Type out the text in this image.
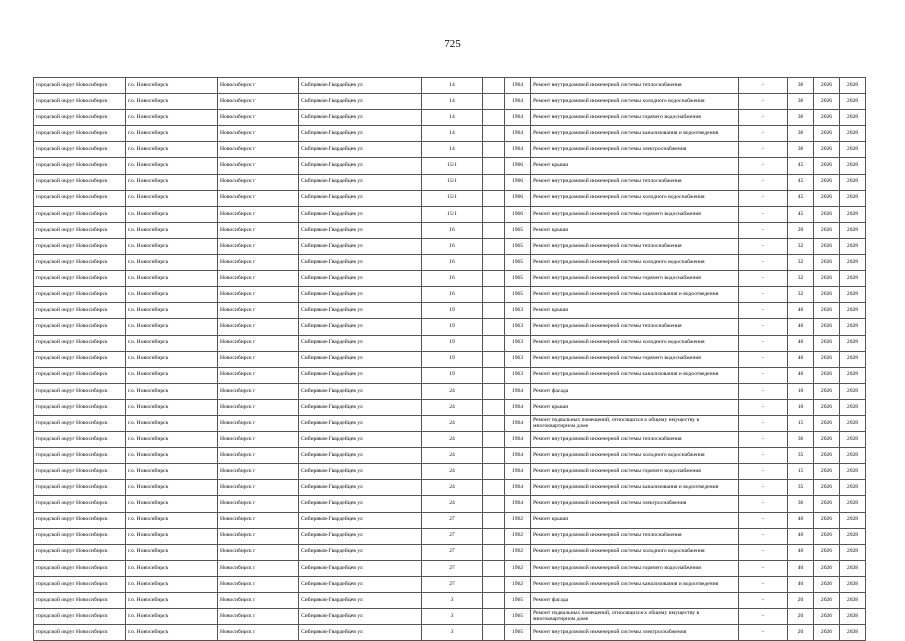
725
городской округ Новосибирск	г.о. Новосибирск	Новосибирск г	Сибиряков-Гвардейцев ул	14		1964	Ремонт внутридомовой инженерной системы теплоснабжения	-	36	2026	2028
городской округ Новосибирск	г.о. Новосибирск	Новосибирск г	Сибиряков-Гвардейцев ул	14		1964	Ремонт внутридомовой инженерной системы холодного водоснабжения	-	36	2026	2028
городской округ Новосибирск	г.о. Новосибирск	Новосибирск г	Сибиряков-Гвардейцев ул	14		1964	Ремонт внутридомовой инженерной системы горячего водоснабжения	-	36	2026	2028
городской округ Новосибирск	г.о. Новосибирск	Новосибирск г	Сибиряков-Гвардейцев ул	14		1964	Ремонт внутридомовой инженерной системы канализования и водоотведения	-	36	2026	2028
городской округ Новосибирск	г.о. Новосибирск	Новосибирск г	Сибиряков-Гвардейцев ул	14		1964	Ремонт внутридомовой инженерной системы электроснабжения	-	36	2026	2028
городской округ Новосибирск	г.о. Новосибирск	Новосибирск г	Сибиряков-Гвардейцев ул	15/1		1966	Ремонт крыши	-	45	2026	2028
городской округ Новосибирск	г.о. Новосибирск	Новосибирск г	Сибиряков-Гвардейцев ул	15/1		1966	Ремонт внутридомовой инженерной системы теплоснабжения	-	45	2026	2028
городской округ Новосибирск	г.о. Новосибирск	Новосибирск г	Сибиряков-Гвардейцев ул	15/1		1966	Ремонт внутридомовой инженерной системы холодного водоснабжения	-	45	2026	2028
городской округ Новосибирск	г.о. Новосибирск	Новосибирск г	Сибиряков-Гвардейцев ул	15/1		1966	Ремонт внутридомовой инженерной системы горячего водоснабжения	-	45	2026	2028
городской округ Новосибирск	г.о. Новосибирск	Новосибирск г	Сибиряков-Гвардейцев ул	16		1965	Ремонт крыши	-	20	2026	2028
городской округ Новосибирск	г.о. Новосибирск	Новосибирск г	Сибиряков-Гвардейцев ул	16		1965	Ремонт внутридомовой инженерной системы теплоснабжения	-	32	2026	2028
городской округ Новосибирск	г.о. Новосибирск	Новосибирск г	Сибиряков-Гвардейцев ул	16		1965	Ремонт внутридомовой инженерной системы холодного водоснабжения	-	32	2026	2028
городской округ Новосибирск	г.о. Новосибирск	Новосибирск г	Сибиряков-Гвардейцев ул	16		1965	Ремонт внутридомовой инженерной системы горячего водоснабжения	-	32	2026	2028
городской округ Новосибирск	г.о. Новосибирск	Новосибирск г	Сибиряков-Гвардейцев ул	16		1965	Ремонт внутридомовой инженерной системы канализования и водоотведения	-	32	2026	2028
городской округ Новосибирск	г.о. Новосибирск	Новосибирск г	Сибиряков-Гвардейцев ул	19		1963	Ремонт крыши	-	46	2026	2028
городской округ Новосибирск	г.о. Новосибирск	Новосибирск г	Сибиряков-Гвардейцев ул	19		1963	Ремонт внутридомовой инженерной системы теплоснабжения	-	46	2026	2028
городской округ Новосибирск	г.о. Новосибирск	Новосибирск г	Сибиряков-Гвардейцев ул	19		1963	Ремонт внутридомовой инженерной системы холодного водоснабжения	-	46	2026	2028
городской округ Новосибирск	г.о. Новосибирск	Новосибирск г	Сибиряков-Гвардейцев ул	19		1963	Ремонт внутридомовой инженерной системы горячего водоснабжения	-	46	2026	2028
городской округ Новосибирск	г.о. Новосибирск	Новосибирск г	Сибиряков-Гвардейцев ул	19		1963	Ремонт внутридомовой инженерной системы канализования и водоотведения	-	46	2026	2028
городской округ Новосибирск	г.о. Новосибирск	Новосибирск г	Сибиряков-Гвардейцев ул	24		1964	Ремонт фасада	-	10	2026	2028
городской округ Новосибирск	г.о. Новосибирск	Новосибирск г	Сибиряков-Гвардейцев ул	24		1964	Ремонт крыши	-	10	2026	2028
городской округ Новосибирск	г.о. Новосибирск	Новосибирск г	Сибиряков-Гвардейцев ул	24		1964	Ремонт подвальных помещений, относящихся к общему имуществу в многоквартирном доме	-	15	2026	2028
городской округ Новосибирск	г.о. Новосибирск	Новосибирск г	Сибиряков-Гвардейцев ул	24		1964	Ремонт внутридомовой инженерной системы теплоснабжения	-	36	2026	2028
городской округ Новосибирск	г.о. Новосибирск	Новосибирск г	Сибиряков-Гвардейцев ул	24		1964	Ремонт внутридомовой инженерной системы холодного водоснабжения	-	35	2026	2028
городской округ Новосибирск	г.о. Новосибирск	Новосибирск г	Сибиряков-Гвардейцев ул	24		1964	Ремонт внутридомовой инженерной системы горячего водоснабжения	-	15	2026	2028
городской округ Новосибирск	г.о. Новосибирск	Новосибирск г	Сибиряков-Гвардейцев ул	24		1964	Ремонт внутридомовой инженерной системы канализования и водоотведения	-	35	2026	2028
городской округ Новосибирск	г.о. Новосибирск	Новосибирск г	Сибиряков-Гвардейцев ул	24		1964	Ремонт внутридомовой инженерной системы электроснабжения	-	36	2026	2028
городской округ Новосибирск	г.о. Новосибирск	Новосибирск г	Сибиряков-Гвардейцев ул	27		1962	Ремонт крыши	-	40	2026	2028
городской округ Новосибирск	г.о. Новосибирск	Новосибирск г	Сибиряков-Гвардейцев ул	27		1962	Ремонт внутридомовой инженерной системы теплоснабжения	-	40	2026	2028
городской округ Новосибирск	г.о. Новосибирск	Новосибирск г	Сибиряков-Гвардейцев ул	27		1962	Ремонт внутридомовой инженерной системы холодного водоснабжения	-	40	2026	2028
городской округ Новосибирск	г.о. Новосибирск	Новосибирск г	Сибиряков-Гвардейцев ул	27		1962	Ремонт внутридомовой инженерной системы горячего водоснабжения	-	40	2026	2028
городской округ Новосибирск	г.о. Новосибирск	Новосибирск г	Сибиряков-Гвардейцев ул	27		1962	Ремонт внутридомовой инженерной системы канализования и водоотведения	-	40	2026	2028
городской округ Новосибирск	г.о. Новосибирск	Новосибирск г	Сибиряков-Гвардейцев ул	3		1965	Ремонт фасада	-	20	2026	2028
городской округ Новосибирск	г.о. Новосибирск	Новосибирск г	Сибиряков-Гвардейцев ул	3		1965	Ремонт подвальных помещений, относящихся к общему имуществу в многоквартирном доме	-	20	2026	2028
городской округ Новосибирск	г.о. Новосибирск	Новосибирск г	Сибиряков-Гвардейцев ул	3		1965	Ремонт внутридомовой инженерной системы электроснабжения	-	20	2026	2028
